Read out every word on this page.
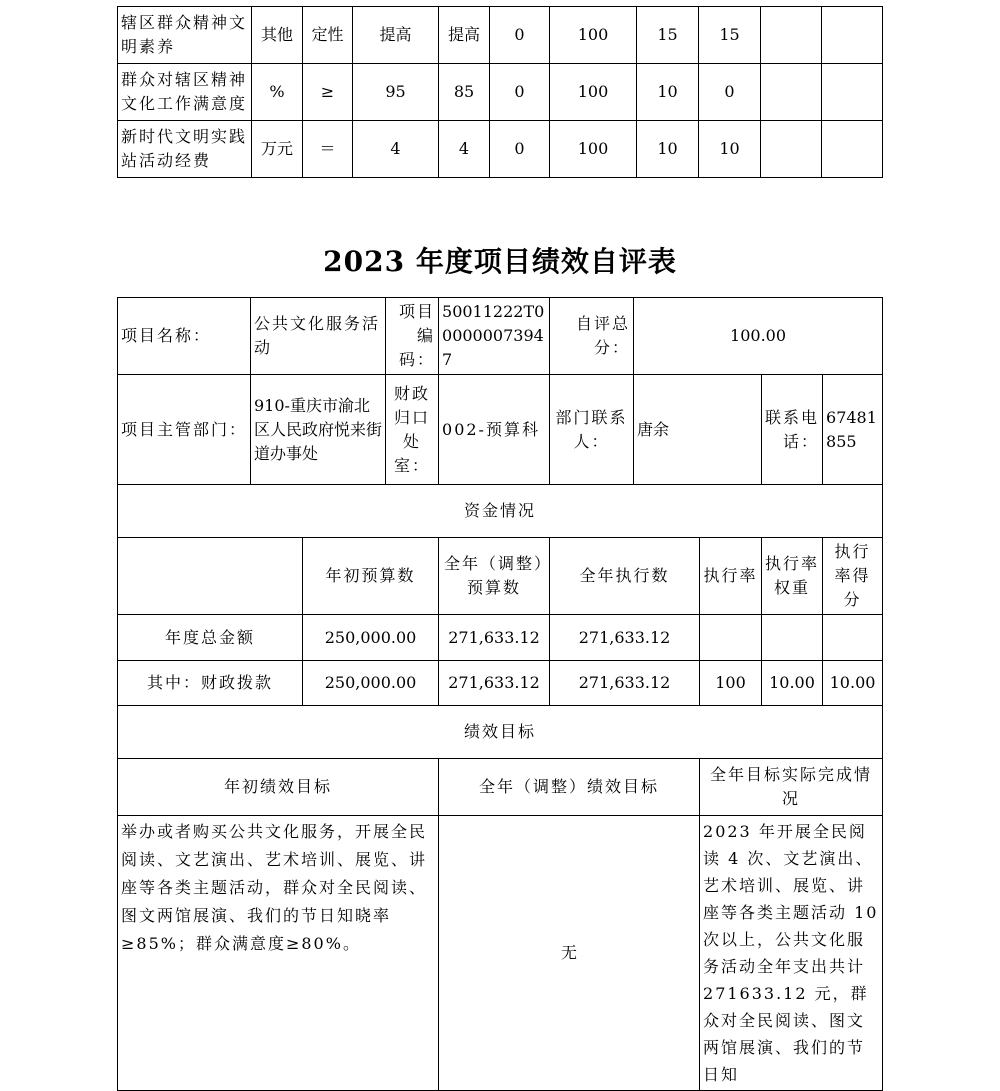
辖区群众精神文明素养	其他	定性	提高	提高	0	100	15	15		
群众对辖区精神文化工作满意度	%	≥	95	85	0	100	10	0		
新时代文明实践站活动经费	万元	＝	4	4	0	100	10	10		
2023 年度项目绩效自评表
项目名称：	公共文化服务活动		项目编码：	50011222T000000073947	自评总分：	100.00			
项目主管部门：	910-重庆市渝北区人民政府悦来街道办事处		财政归口处室：	002-预算科	部门联系人：	唐余		联系电话：	67481855
资金情况									
		年初预算数		全年（调整）预算数	全年执行数		执行率	执行率权重	执行率得分
年度总金额		250,000.00		271,633.12	271,633.12				
其中：财政拨款		250,000.00		271,633.12	271,633.12		100	10.00	10.00
绩效目标									
年初绩效目标				全年（调整）绩效目标			全年目标实际完成情况		
举办或者购买公共文化服务，开展全民阅读、文艺演出、艺术培训、展览、讲座等各类主题活动，群众对全民阅读、图文两馆展演、我们的节日知晓率≥85%；群众满意度≥80%。				无			2023 年开展全民阅读 4 次、文艺演出、艺术培训、展览、讲座等各类主题活动 10 次以上，公共文化服务活动全年支出共计 271633.12 元，群众对全民阅读、图文两馆展演、我们的节日知		
